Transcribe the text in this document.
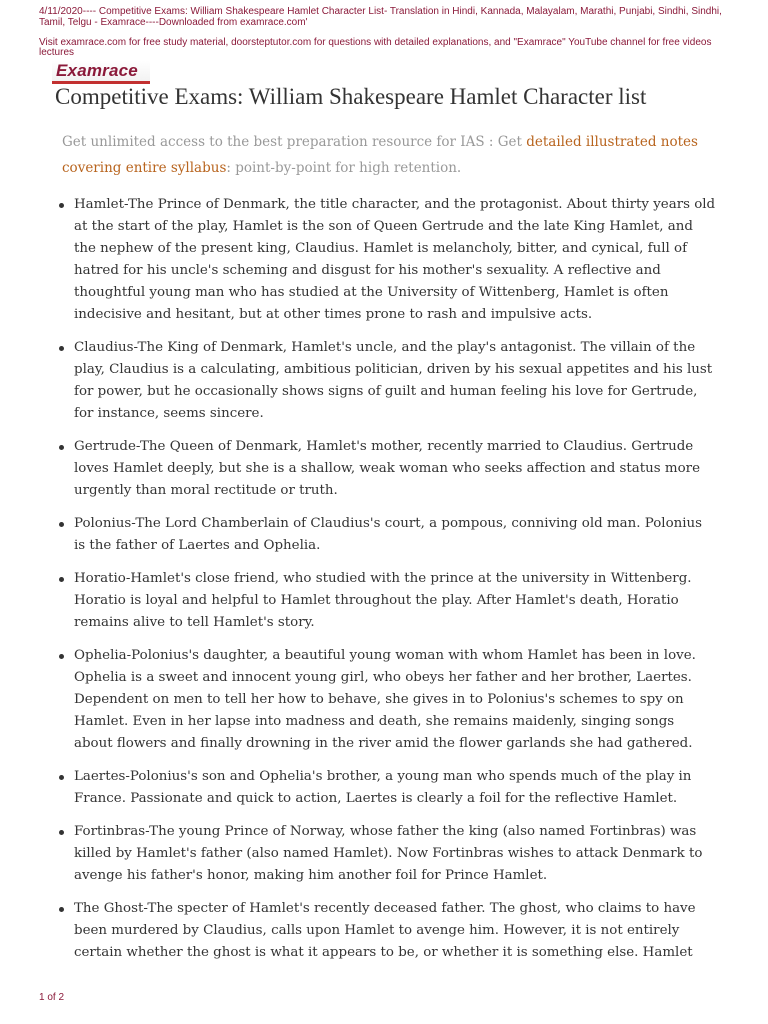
4/11/2020---- Competitive Exams: William Shakespeare Hamlet Character List- Translation in Hindi, Kannada, Malayalam, Marathi, Punjabi, Sindhi, Sindhi, Tamil, Telgu - Examrace----Downloaded from examrace.com'
Visit examrace.com for free study material, doorsteptutor.com for questions with detailed explanations, and "Examrace" YouTube channel for free videos lectures
Examrace
Competitive Exams: William Shakespeare Hamlet Character list
Get unlimited access to the best preparation resource for IAS : Get detailed illustrated notes covering entire syllabus: point-by-point for high retention.
Hamlet-The Prince of Denmark, the title character, and the protagonist. About thirty years old at the start of the play, Hamlet is the son of Queen Gertrude and the late King Hamlet, and the nephew of the present king, Claudius. Hamlet is melancholy, bitter, and cynical, full of hatred for his uncle's scheming and disgust for his mother's sexuality. A reflective and thoughtful young man who has studied at the University of Wittenberg, Hamlet is often indecisive and hesitant, but at other times prone to rash and impulsive acts.
Claudius-The King of Denmark, Hamlet's uncle, and the play's antagonist. The villain of the play, Claudius is a calculating, ambitious politician, driven by his sexual appetites and his lust for power, but he occasionally shows signs of guilt and human feeling his love for Gertrude, for instance, seems sincere.
Gertrude-The Queen of Denmark, Hamlet's mother, recently married to Claudius. Gertrude loves Hamlet deeply, but she is a shallow, weak woman who seeks affection and status more urgently than moral rectitude or truth.
Polonius-The Lord Chamberlain of Claudius's court, a pompous, conniving old man. Polonius is the father of Laertes and Ophelia.
Horatio-Hamlet's close friend, who studied with the prince at the university in Wittenberg. Horatio is loyal and helpful to Hamlet throughout the play. After Hamlet's death, Horatio remains alive to tell Hamlet's story.
Ophelia-Polonius's daughter, a beautiful young woman with whom Hamlet has been in love. Ophelia is a sweet and innocent young girl, who obeys her father and her brother, Laertes. Dependent on men to tell her how to behave, she gives in to Polonius's schemes to spy on Hamlet. Even in her lapse into madness and death, she remains maidenly, singing songs about flowers and finally drowning in the river amid the flower garlands she had gathered.
Laertes-Polonius's son and Ophelia's brother, a young man who spends much of the play in France. Passionate and quick to action, Laertes is clearly a foil for the reflective Hamlet.
Fortinbras-The young Prince of Norway, whose father the king (also named Fortinbras) was killed by Hamlet's father (also named Hamlet). Now Fortinbras wishes to attack Denmark to avenge his father's honor, making him another foil for Prince Hamlet.
The Ghost-The specter of Hamlet's recently deceased father. The ghost, who claims to have been murdered by Claudius, calls upon Hamlet to avenge him. However, it is not entirely certain whether the ghost is what it appears to be, or whether it is something else. Hamlet
1 of 2
